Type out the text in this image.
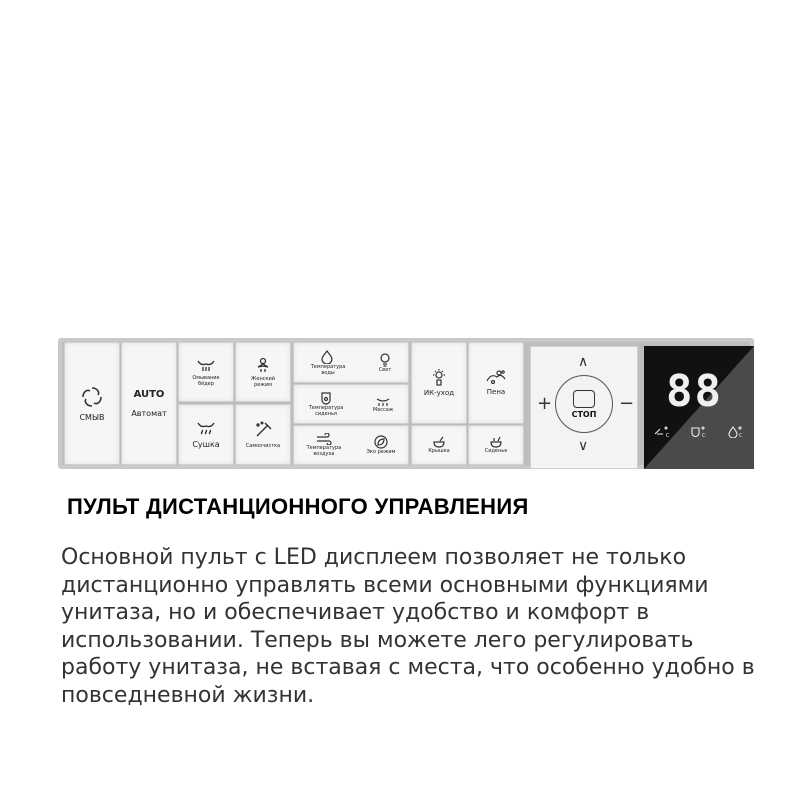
СМЫВ
AUTO
Автомат
Омывание
бёдер
Женский
режим
Сушка	Самоочистка
Температура
воды	Свет
Температура
сиденья
Массаж
Температура
воздуха	Эко режим
ИК-уход	Пена
Крышка	Сиденье
∧
∨
+	−
СТОП 88
C	C	C
ПУЛЬТ ДИСТАНЦИОННОГО УПРАВЛЕНИЯ

Основной пульт с LED дисплеем позволяет не только дистанционно управлять всеми основными функциями унитаза, но и обеспечивает удобство и комфорт в использовании. Теперь вы можете лего регулировать работу унитаза, не вставая с места, что особенно удобно в повседневной жизни.
